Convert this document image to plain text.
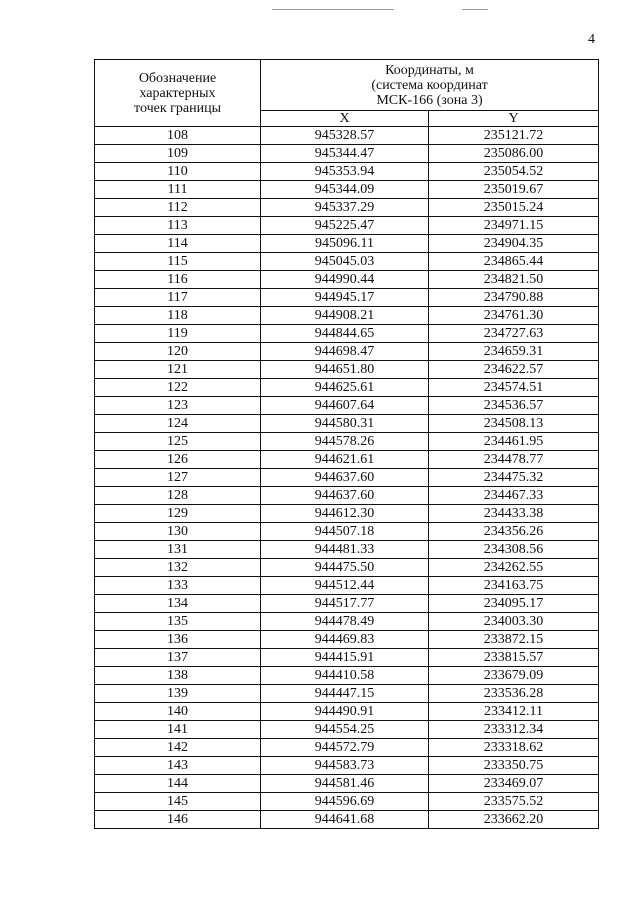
4
Обозначение
характерных
точек границы	Координаты, м
(система координат
МСК-166 (зона 3)	

	X	Y
108	945328.57	235121.72
109	945344.47	235086.00
110	945353.94	235054.52
111	945344.09	235019.67
112	945337.29	235015.24
113	945225.47	234971.15
114	945096.11	234904.35
115	945045.03	234865.44
116	944990.44	234821.50
117	944945.17	234790.88
118	944908.21	234761.30
119	944844.65	234727.63
120	944698.47	234659.31
121	944651.80	234622.57
122	944625.61	234574.51
123	944607.64	234536.57
124	944580.31	234508.13
125	944578.26	234461.95
126	944621.61	234478.77
127	944637.60	234475.32
128	944637.60	234467.33
129	944612.30	234433.38
130	944507.18	234356.26
131	944481.33	234308.56
132	944475.50	234262.55
133	944512.44	234163.75
134	944517.77	234095.17
135	944478.49	234003.30
136	944469.83	233872.15
137	944415.91	233815.57
138	944410.58	233679.09
139	944447.15	233536.28
140	944490.91	233412.11
141	944554.25	233312.34
142	944572.79	233318.62
143	944583.73	233350.75
144	944581.46	233469.07
145	944596.69	233575.52
146	944641.68	233662.20
